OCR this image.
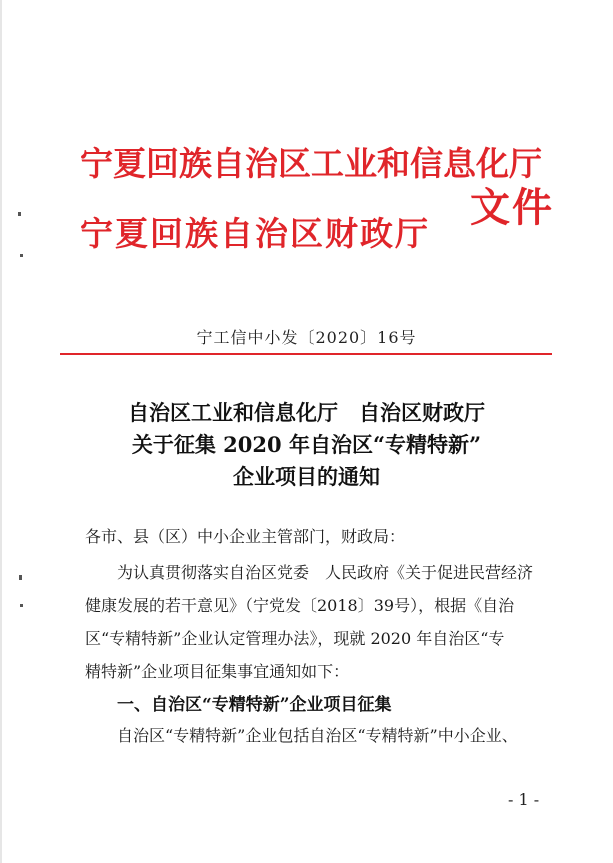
宁夏回族自治区工业和信息化厅
宁夏回族自治区财政厅
文件
宁工信中小发〔2020〕16号
自治区工业和信息化厅　自治区财政厅
关于征集 2020 年自治区“专精特新”
企业项目的通知
各市、县（区）中小企业主管部门，财政局：
为认真贯彻落实自治区党委　人民政府《关于促进民营经济
健康发展的若干意见》（宁党发〔2018〕39号），根据《自治
区“专精特新”企业认定管理办法》，现就 2020 年自治区“专
精特新”企业项目征集事宜通知如下：
一、自治区“专精特新”企业项目征集
自治区“专精特新”企业包括自治区“专精特新”中小企业、
- 1 -
